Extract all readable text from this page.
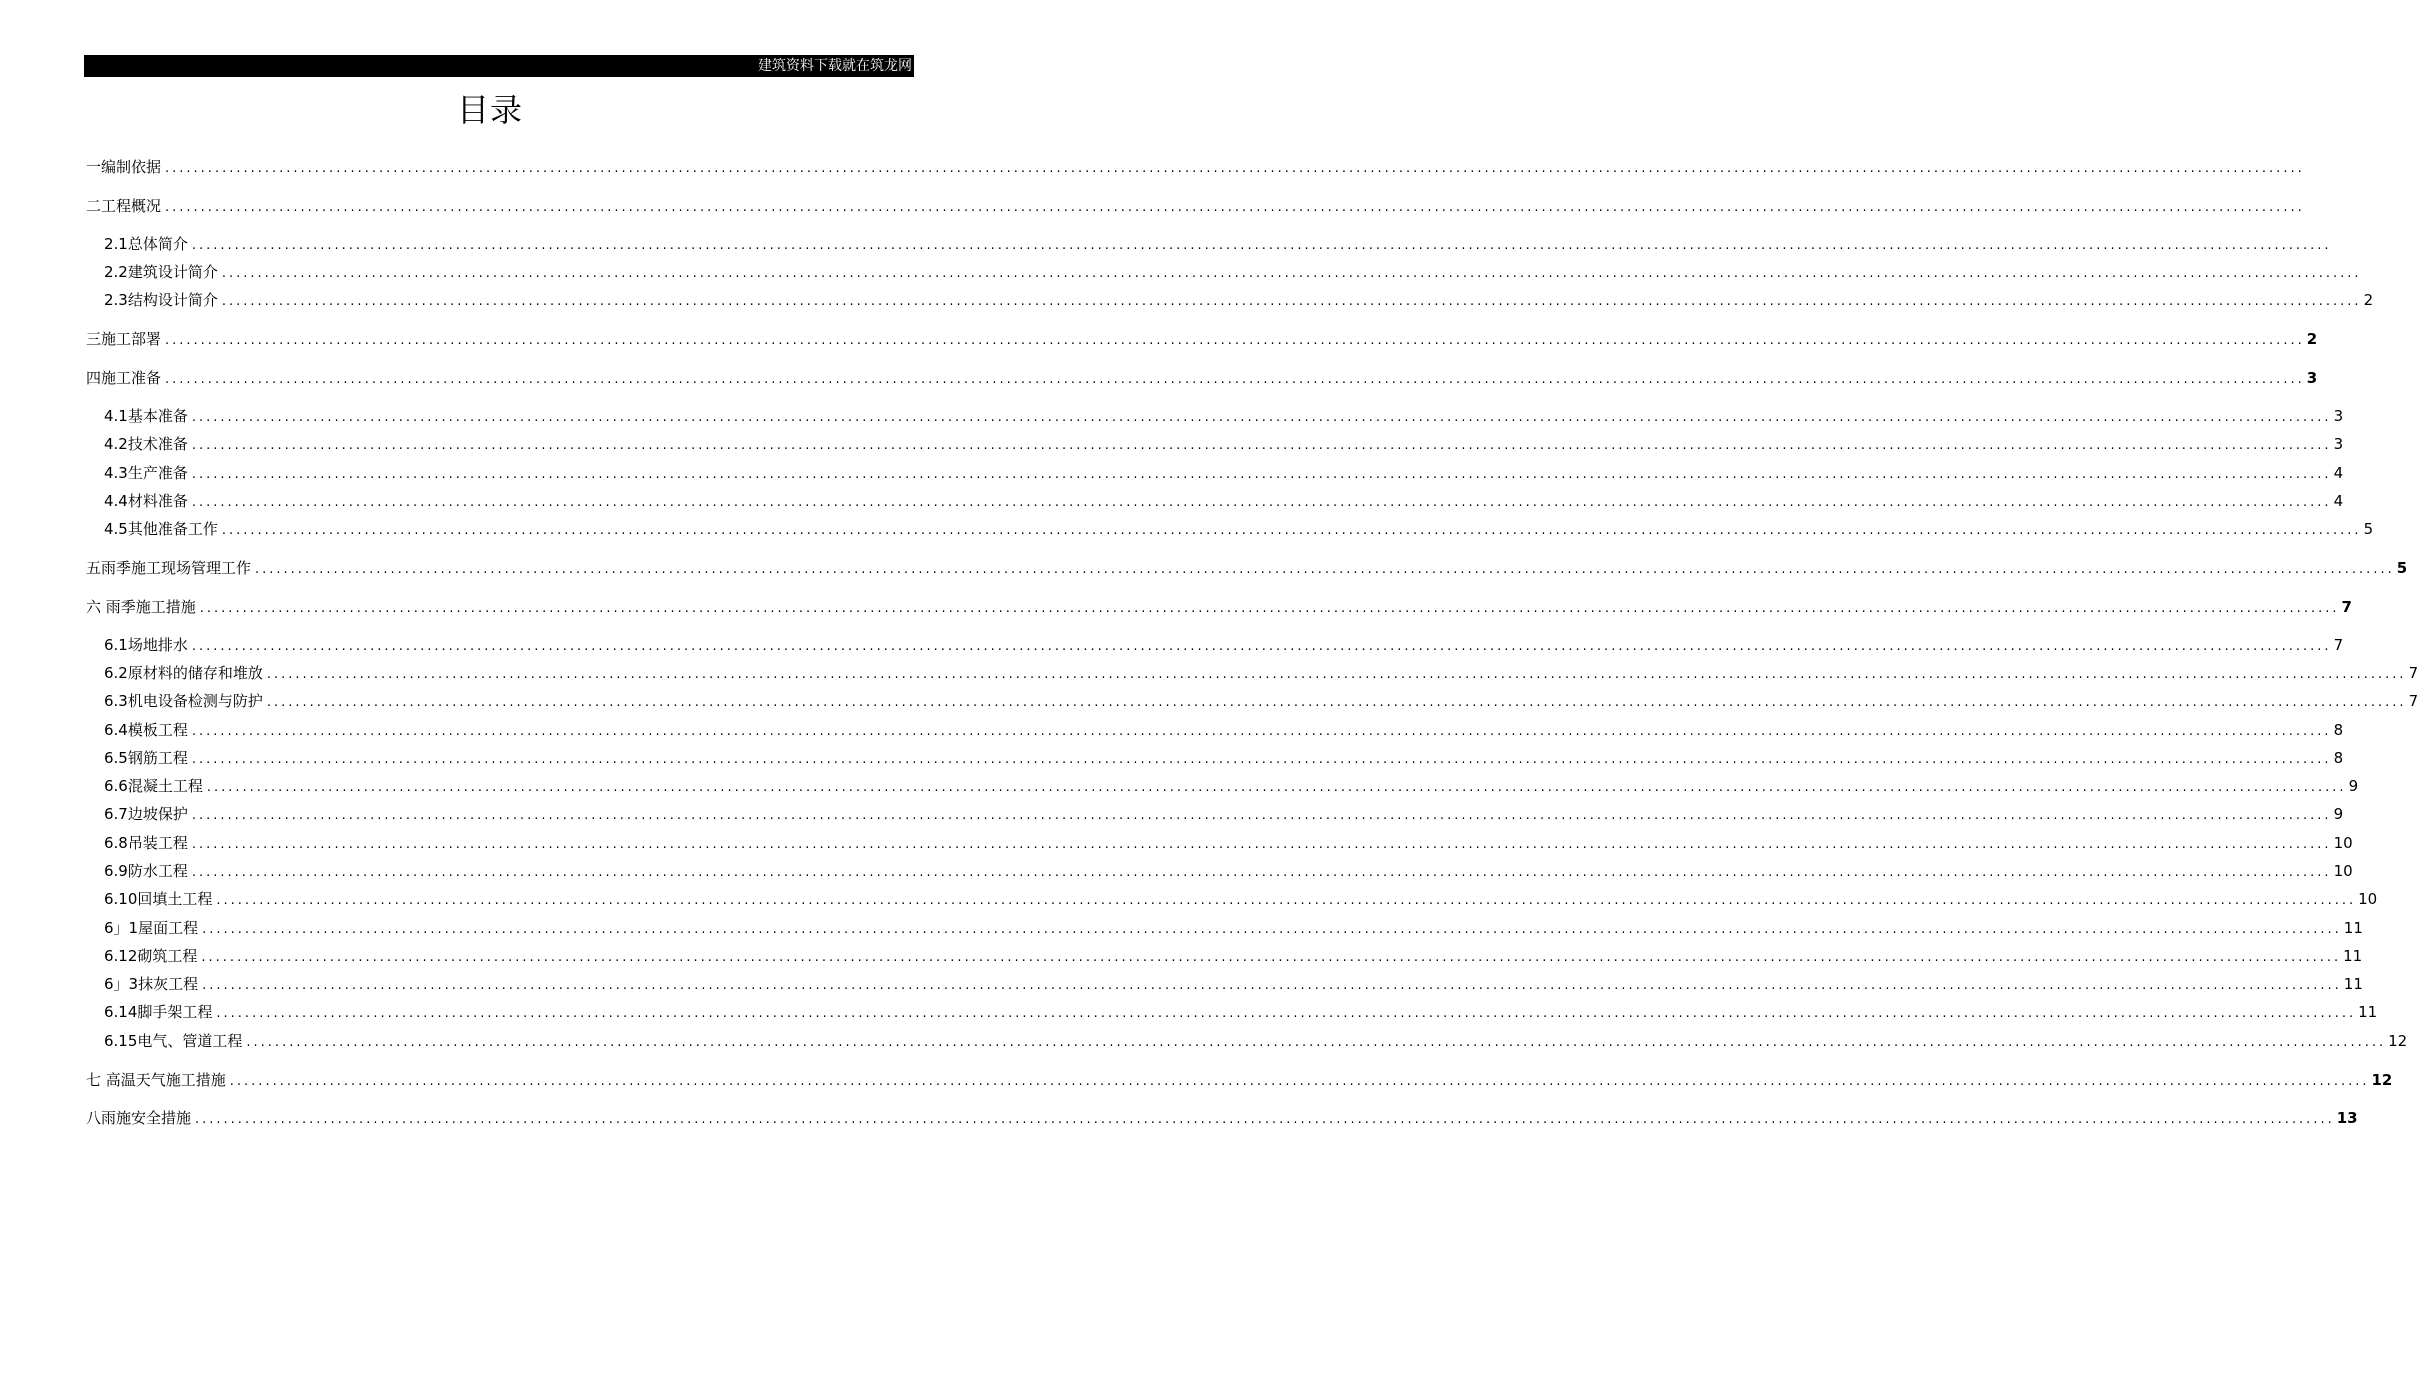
建筑资料下载就在筑龙网
目录
一编制依据 ............................................................................................................................................................................................................................................................................................................
二工程概况 ............................................................................................................................................................................................................................................................................................................
2.1总体简介 ............................................................................................................................................................................................................................................................................................................
2.2建筑设计简介 ............................................................................................................................................................................................................................................................................................................
2.3结构设计简介 ............................................................................................................................................................................................................................................................................................................ 2
三施工部署 ............................................................................................................................................................................................................................................................................................................ 2
四施工准备 ............................................................................................................................................................................................................................................................................................................ 3
4.1基本准备 ............................................................................................................................................................................................................................................................................................................ 3
4.2技术准备 ............................................................................................................................................................................................................................................................................................................ 3
4.3生产准备 ............................................................................................................................................................................................................................................................................................................ 4
4.4材料准备 ............................................................................................................................................................................................................................................................................................................ 4
4.5其他准备工作 ............................................................................................................................................................................................................................................................................................................ 5
五雨季施工现场管理工作 ............................................................................................................................................................................................................................................................................................................ 5
六 雨季施工措施 ............................................................................................................................................................................................................................................................................................................ 7
6.1场地排水 ............................................................................................................................................................................................................................................................................................................ 7
6.2原材料的储存和堆放 ............................................................................................................................................................................................................................................................................................................ 7
6.3机电设备检测与防护 ............................................................................................................................................................................................................................................................................................................ 7
6.4模板工程 ............................................................................................................................................................................................................................................................................................................ 8
6.5钢筋工程 ............................................................................................................................................................................................................................................................................................................ 8
6.6混凝土工程 ............................................................................................................................................................................................................................................................................................................ 9
6.7边坡保护 ............................................................................................................................................................................................................................................................................................................ 9
6.8吊装工程 ............................................................................................................................................................................................................................................................................................................ 10
6.9防水工程 ............................................................................................................................................................................................................................................................................................................ 10
6.10回填土工程 ............................................................................................................................................................................................................................................................................................................ 10
6」1屋面工程 ............................................................................................................................................................................................................................................................................................................ 11
6.12砌筑工程 ............................................................................................................................................................................................................................................................................................................ 11
6」3抹灰工程 ............................................................................................................................................................................................................................................................................................................ 11
6.14脚手架工程 ............................................................................................................................................................................................................................................................................................................ 11
6.15电气、管道工程 ............................................................................................................................................................................................................................................................................................................ 12
七 高温天气施工措施 ............................................................................................................................................................................................................................................................................................................ 12
八雨施安全措施 ............................................................................................................................................................................................................................................................................................................ 13
